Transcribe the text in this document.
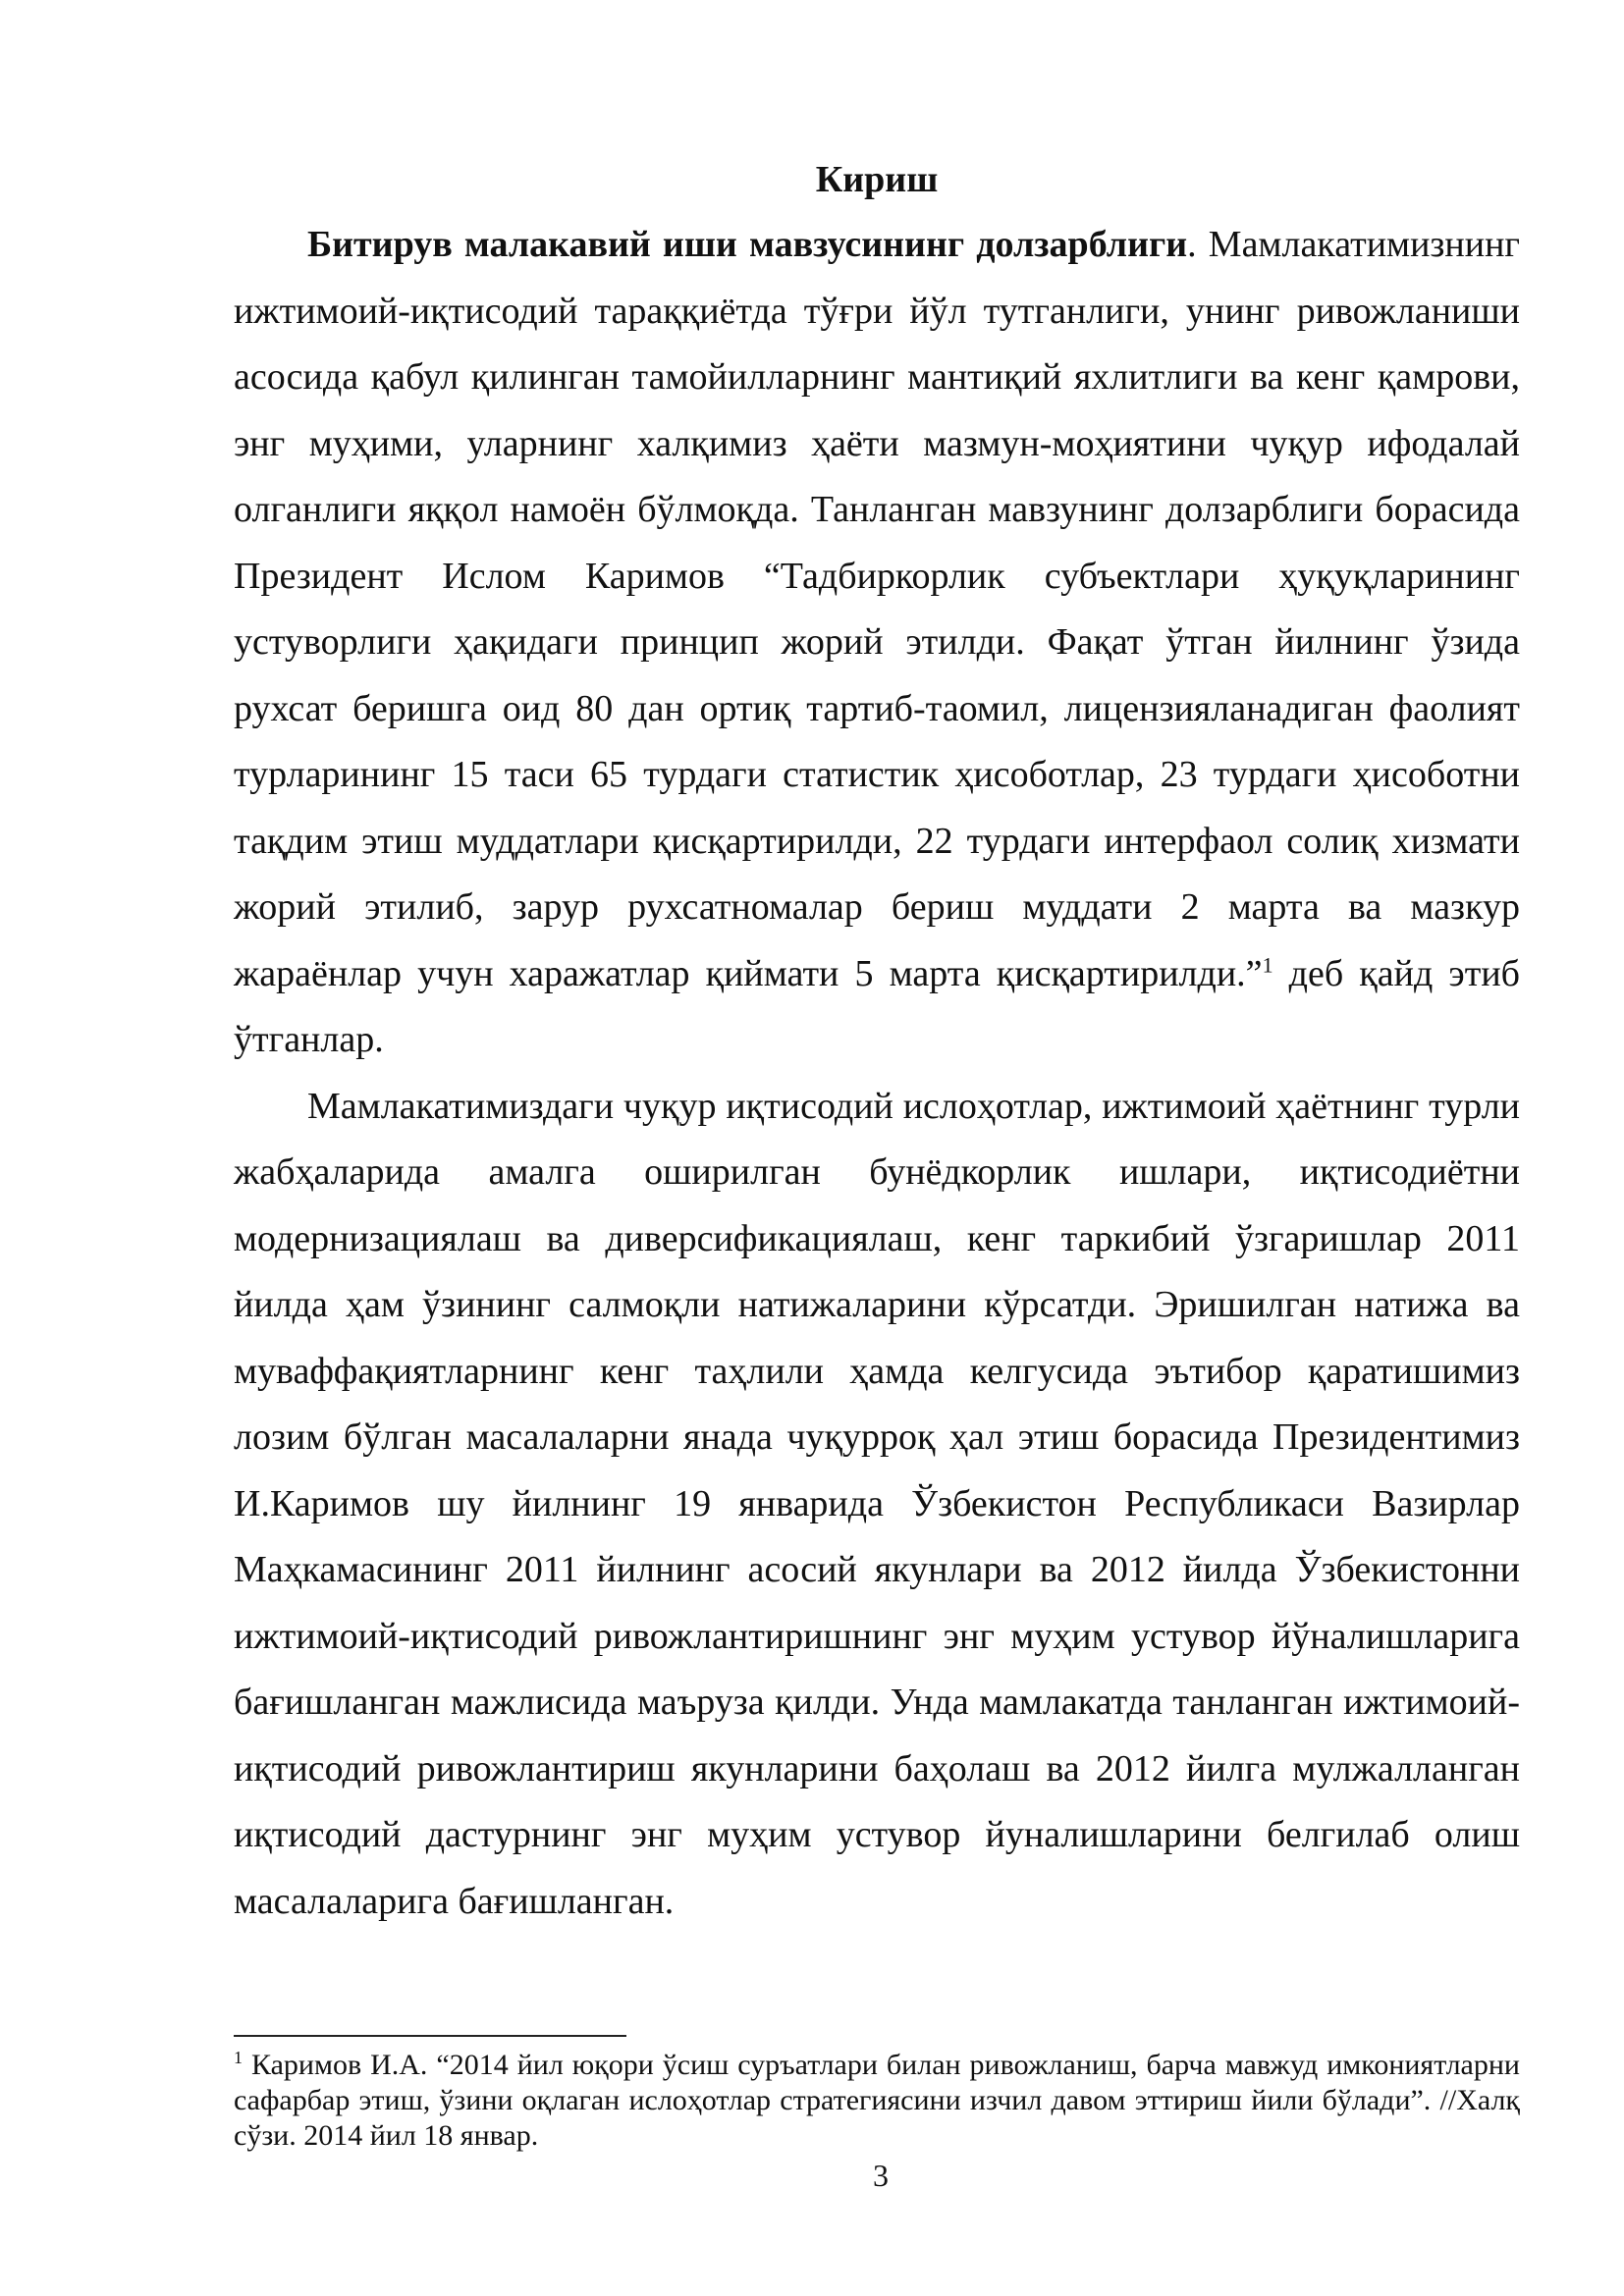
Кириш

Битирув малакавий иши мавзусининг долзарблиги. Мамлакатимизнинг ижтимоий-иқтисодий тараққиётда тўғри йўл тутганлиги, унинг ривожланиши асосида қабул қилинган тамойилларнинг мантиқий яхлитлиги ва кенг қамрови, энг муҳими, уларнинг халқимиз ҳаёти мазмун-моҳиятини чуқур ифодалай олганлиги яққол намоён бўлмоқда. Танланган мавзунинг долзарблиги борасида Президент Ислом Каримов “Тадбиркорлик субъектлари ҳуқуқларининг устуворлиги ҳақидаги принцип жорий этилди. Фақат ўтган йилнинг ўзида рухсат беришга оид 80 дан ортиқ тартиб-таомил, лицензияланадиган фаолият турларининг 15 таси 65 турдаги статистик ҳисоботлар, 23 турдаги ҳисоботни тақдим этиш муддатлари қисқартирилди, 22 турдаги интерфаол солиқ хизмати жорий этилиб, зарур рухсатномалар бериш муддати 2 марта ва мазкур жараёнлар учун харажатлар қиймати 5 марта қисқартирилди.”$^1$ деб қайд этиб ўтганлар.

Мамлакатимиздаги чуқур иқтисодий ислоҳотлар, ижтимоий ҳаётнинг турли жабҳаларида амалга оширилган бунёдкорлик ишлари, иқтисодиётни модернизациялаш ва диверсификациялаш, кенг таркибий ўзгаришлар 2011 йилда ҳам ўзининг салмоқли натижаларини кўрсатди. Эришилган натижа ва муваффақиятларнинг кенг таҳлили ҳамда келгусида эътибор қаратишимиз лозим бўлган масалаларни янада чуқурроқ ҳал этиш борасида Президентимиз И.Каримов шу йилнинг 19 январида Ўзбекистон Республикаси Вазирлар Маҳкамасининг 2011 йилнинг асосий якунлари ва 2012 йилда Ўзбекистонни ижтимоий-иқтисодий ривожлантиришнинг энг муҳим устувор йўналишларига бағишланган мажлисида маъруза қилди. Унда мамлакатда танланган ижтимоий-иқтисодий ривожлантириш якунларини баҳолаш ва 2012 йилга мулжалланган иқтисодий дастурнинг энг муҳим устувор йуналишларини белгилаб олиш масалаларига бағишланган.

$^1$ Каримов И.А. “2014 йил юқори ўсиш суръатлари билан ривожланиш, барча мавжуд имкониятларни сафарбар этиш, ўзини оқлаган ислоҳотлар стратегиясини изчил давом эттириш йили бўлади”. //Халқ сўзи. 2014 йил 18 январ.

3
